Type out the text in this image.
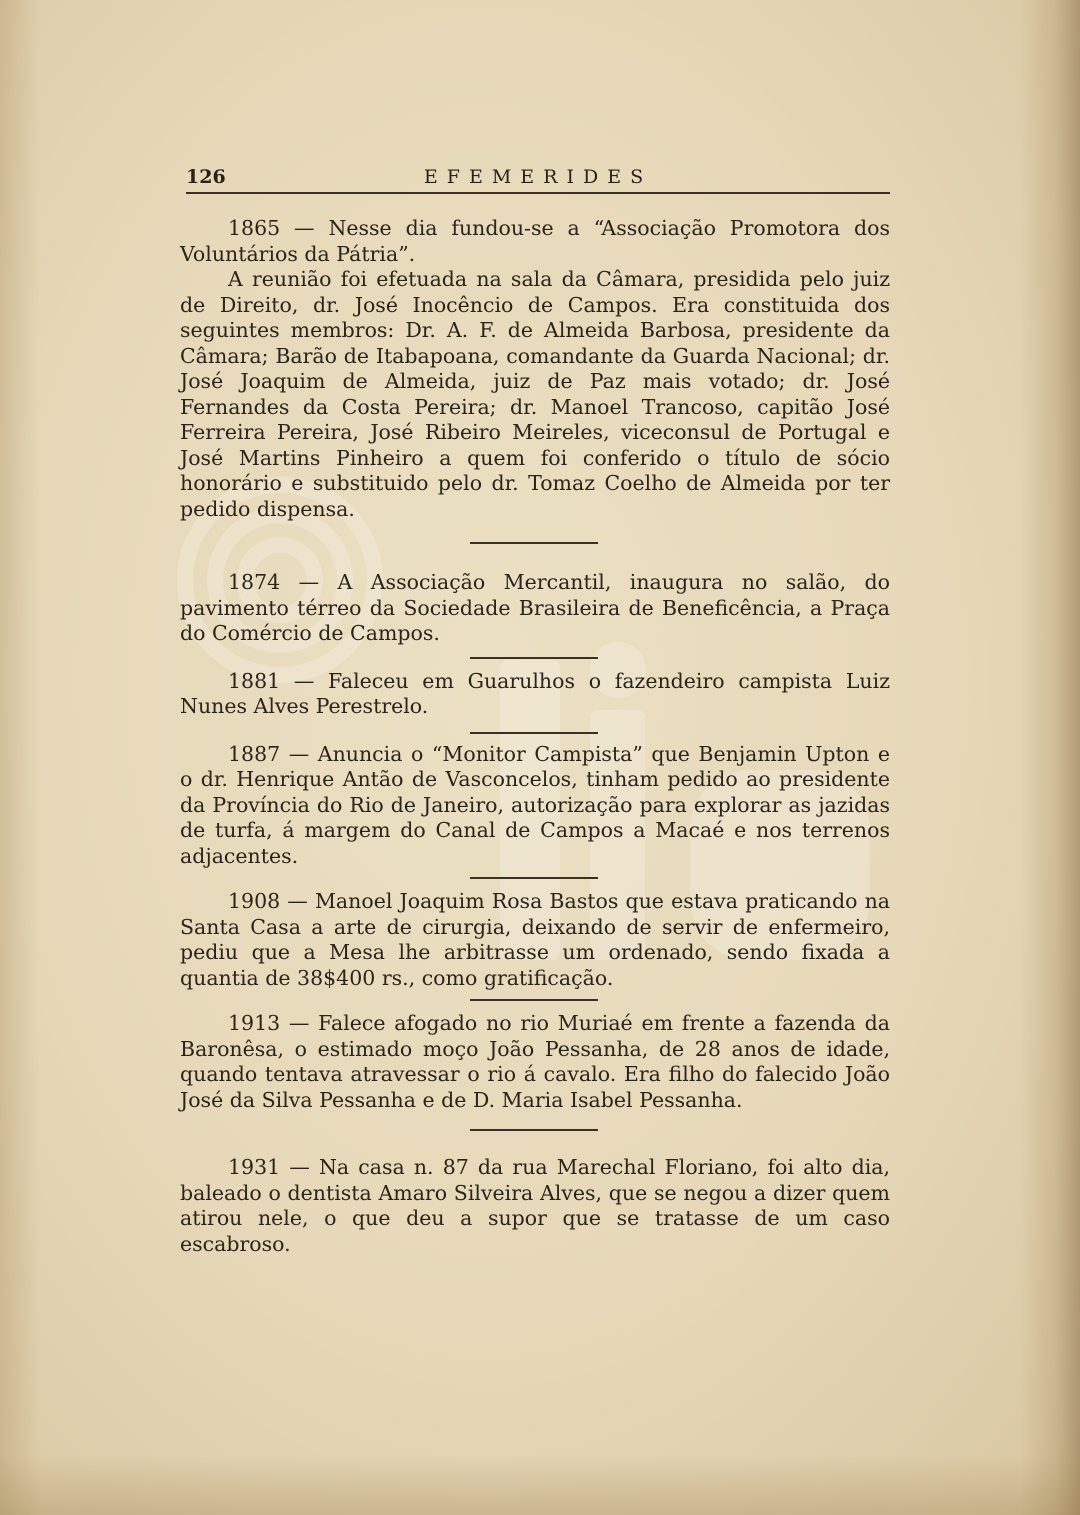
126	EFEMERIDES

1865 — Nesse dia fundou-se a “Associação Promotora dos Voluntários da Pátria”.

A reunião foi efetuada na sala da Câmara, presidida pelo juiz de Direito, dr. José Inocêncio de Campos. Era constituida dos seguintes membros: Dr. A. F. de Almeida Barbosa, presidente da Câmara; Barão de Itabapoana, comandante da Guarda Nacional; dr. José Joaquim de Almeida, juiz de Paz mais votado; dr. José Fernandes da Costa Pereira; dr. Manoel Trancoso, capitão José Ferreira Pereira, José Ribeiro Meireles, viceconsul de Portugal e José Martins Pinheiro a quem foi conferido o título de sócio honorário e substituido pelo dr. Tomaz Coelho de Almeida por ter pedido dispensa.

1874 — A Associação Mercantil, inaugura no salão, do pavimento térreo da Sociedade Brasileira de Beneficência, a Praça do Comércio de Campos.

1881 — Faleceu em Guarulhos o fazendeiro campista Luiz Nunes Alves Perestrelo.

1887 — Anuncia o “Monitor Campista” que Benjamin Upton e o dr. Henrique Antão de Vasconcelos, tinham pedido ao presidente da Província do Rio de Janeiro, autorização para explorar as jazidas de turfa, á margem do Canal de Campos a Macaé e nos terrenos adjacentes.

1908 — Manoel Joaquim Rosa Bastos que estava praticando na Santa Casa a arte de cirurgia, deixando de servir de enfermeiro, pediu que a Mesa lhe arbitrasse um ordenado, sendo fixada a quantia de 38$400 rs., como gratificação.

1913 — Falece afogado no rio Muriaé em frente a fazenda da Baronêsa, o estimado moço João Pessanha, de 28 anos de idade, quando tentava atravessar o rio á cavalo. Era filho do falecido João José da Silva Pessanha e de D. Maria Isabel Pessanha.

1931 — Na casa n. 87 da rua Marechal Floriano, foi alto dia, baleado o dentista Amaro Silveira Alves, que se negou a dizer quem atirou nele, o que deu a supor que se tratasse de um caso escabroso.
